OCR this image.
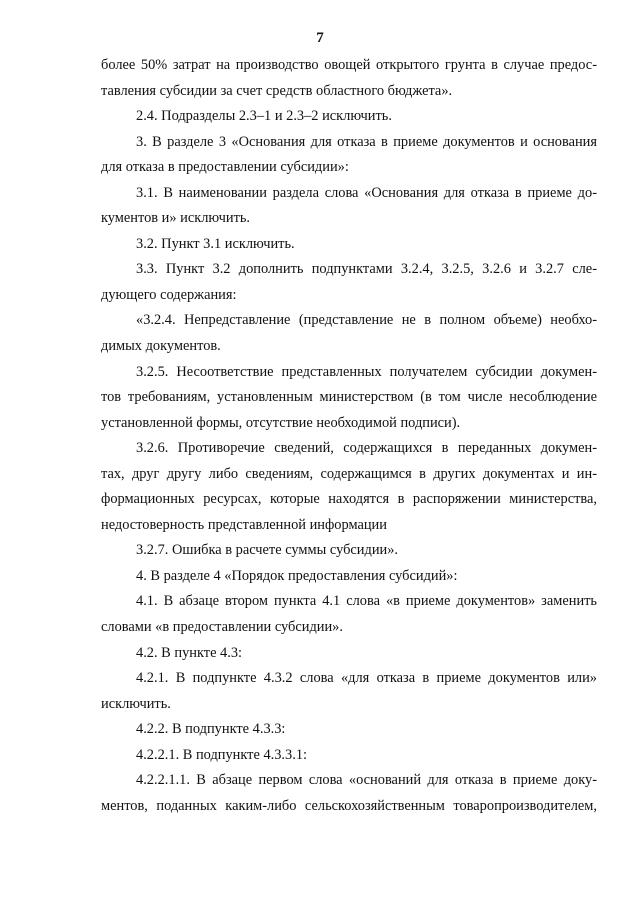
7
более 50% затрат на производство овощей открытого грунта в случае предос-
тавления субсидии за счет средств областного бюджета».
2.4. Подразделы 2.3–1 и 2.3–2 исключить.
3. В разделе 3 «Основания для отказа в приеме документов и основания
для отказа в предоставлении субсидии»:
3.1. В наименовании раздела слова «Основания для отказа в приеме до-
кументов и» исключить.
3.2. Пункт 3.1 исключить.
3.3. Пункт 3.2 дополнить подпунктами 3.2.4, 3.2.5, 3.2.6 и 3.2.7 сле-
дующего содержания:
«3.2.4. Непредставление (представление не в полном объеме) необхо-
димых документов.
3.2.5. Несоответствие представленных получателем субсидии докумен-
тов требованиям, установленным министерством (в том числе несоблюдение
установленной формы, отсутствие необходимой подписи).
3.2.6. Противоречие сведений, содержащихся в переданных докумен-
тах, друг другу либо сведениям, содержащимся в других документах и ин-
формационных ресурсах, которые находятся в распоряжении министерства,
недостоверность представленной информации
3.2.7. Ошибка в расчете суммы субсидии».
4. В разделе 4 «Порядок предоставления субсидий»:
4.1. В абзаце втором пункта 4.1 слова «в приеме документов» заменить
словами «в предоставлении субсидии».
4.2. В пункте 4.3:
4.2.1. В подпункте 4.3.2 слова «для отказа в приеме документов или»
исключить.
4.2.2. В подпункте 4.3.3:
4.2.2.1. В подпункте 4.3.3.1:
4.2.2.1.1. В абзаце первом слова «оснований для отказа в приеме доку-
ментов, поданных каким-либо сельскохозяйственным товаропроизводителем,
